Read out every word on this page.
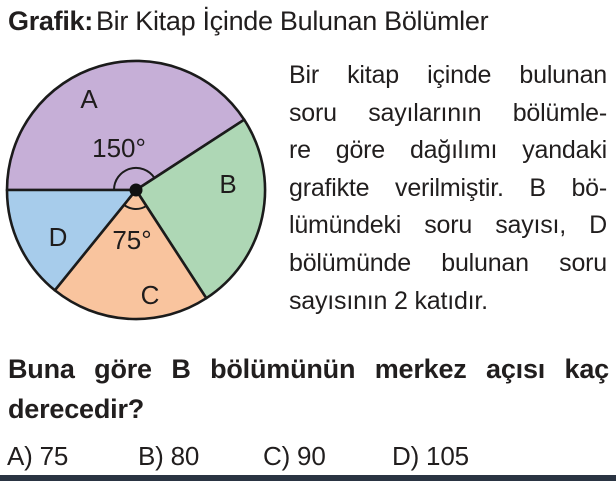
Grafik: Bir Kitap İçinde Bulunan Bölümler
A
150°
B
75°
C
D
Bir kitap içinde bulunan
soru sayılarının bölümle-
re göre dağılımı yandaki
grafikte verilmiştir. B bö-
lümündeki soru sayısı, D
bölümünde bulunan soru
sayısının 2 katıdır.
Buna göre B bölümünün merkez açısı kaç
derecedir?
A) 75	B) 80 C) 90	D) 105
